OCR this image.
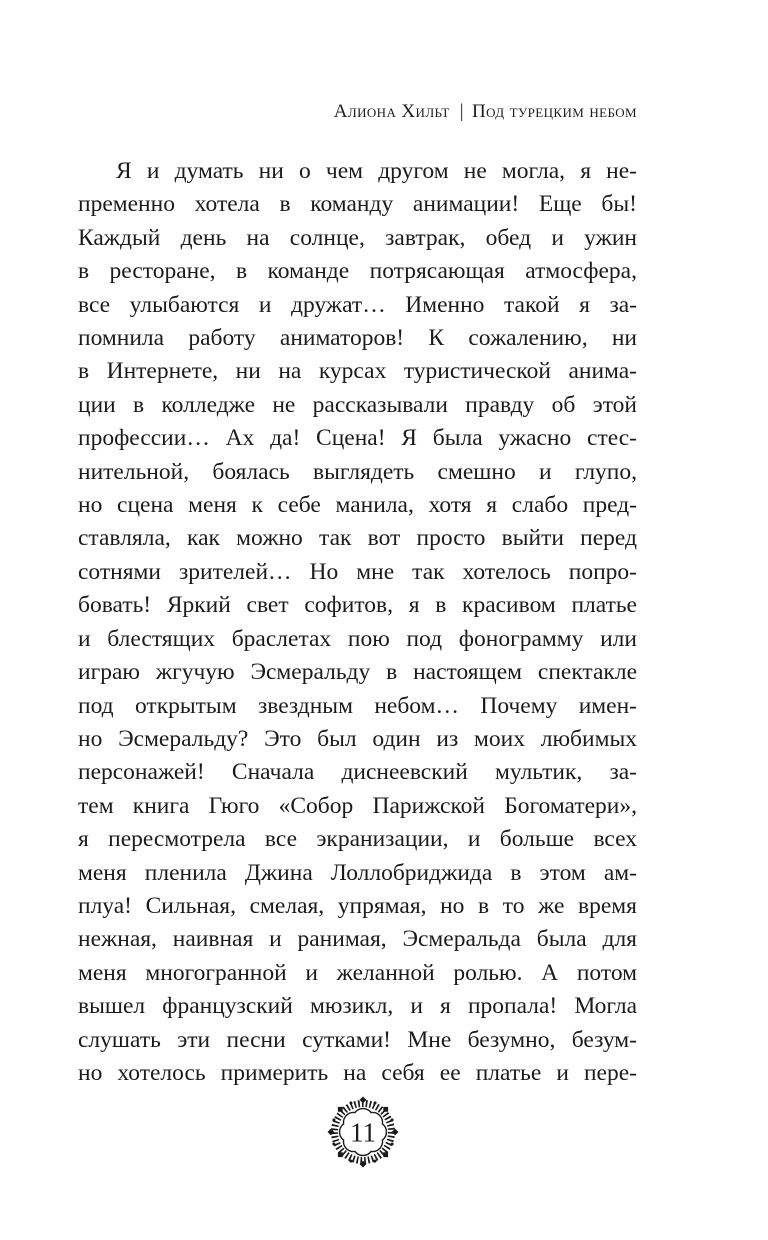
Алиона Хильт | Под турецким небом
Я и думать ни о чем другом не могла, я не-
пременно хотела в команду анимации! Еще бы!
Каждый день на солнце, завтрак, обед и ужин
в ресторане, в команде потрясающая атмосфера,
все улыбаются и дружат… Именно такой я за-
помнила работу аниматоров! К сожалению, ни
в Интернете, ни на курсах туристической анима-
ции в колледже не рассказывали правду об этой
профессии… Ах да! Сцена! Я была ужасно стес-
нительной, боялась выглядеть смешно и глупо,
но сцена меня к себе манила, хотя я слабо пред-
ставляла, как можно так вот просто выйти перед
сотнями зрителей… Но мне так хотелось попро-
бовать! Яркий свет софитов, я в красивом платье
и блестящих браслетах пою под фонограмму или
играю жгучую Эсмеральду в настоящем спектакле
под открытым звездным небом… Почему имен-
но Эсмеральду? Это был один из моих любимых
персонажей! Сначала диснеевский мультик, за-
тем книга Гюго «Собор Парижской Богоматери»,
я пересмотрела все экранизации, и больше всех
меня пленила Джина Лоллобриджида в этом ам-
плуа! Сильная, смелая, упрямая, но в то же время
нежная, наивная и ранимая, Эсмеральда была для
меня многогранной и желанной ролью. А потом
вышел французский мюзикл, и я пропала! Могла
слушать эти песни сутками! Мне безумно, безум-
но хотелось примерить на себя ее платье и пере-
11
